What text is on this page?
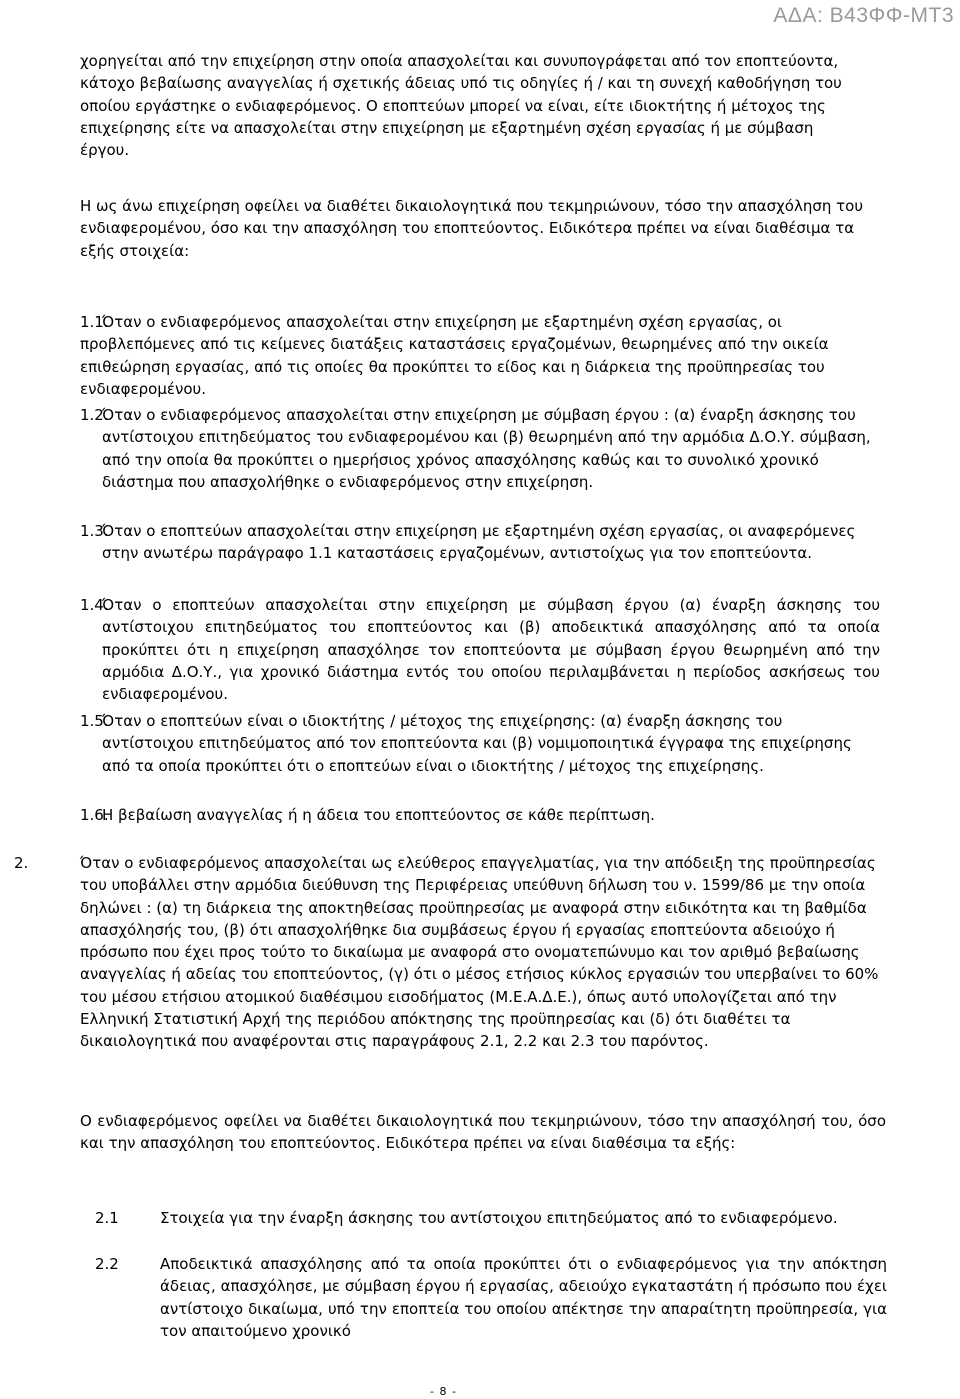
ΑΔΑ: Β43ΦΦ-ΜΤ3

χορηγείται από την επιχείρηση στην οποία απασχολείται και συνυπογράφεται από τον εποπτεύοντα, κάτοχο βεβαίωσης αναγγελίας ή σχετικής άδειας υπό τις οδηγίες ή / και τη συνεχή καθοδήγηση του οποίου εργάστηκε ο ενδιαφερόμενος. Ο εποπτεύων μπορεί να είναι, είτε ιδιοκτήτης ή μέτοχος της επιχείρησης είτε να απασχολείται στην επιχείρηση με εξαρτημένη σχέση εργασίας ή με σύμβαση έργου.

Η ως άνω επιχείρηση οφείλει να διαθέτει δικαιολογητικά που τεκμηριώνουν, τόσο την απασχόληση του ενδιαφερομένου, όσο και την απασχόληση του εποπτεύοντος. Ειδικότερα πρέπει να είναι διαθέσιμα τα εξής στοιχεία:

1.1.
Όταν ο ενδιαφερόμενος απασχολείται στην επιχείρηση με εξαρτημένη σχέση εργασίας, οι προβλεπόμενες από τις κείμενες διατάξεις καταστάσεις εργαζομένων, θεωρημένες από την οικεία επιθεώρηση εργασίας, από τις οποίες θα προκύπτει το είδος και η διάρκεια της προϋπηρεσίας του ενδιαφερομένου.
1.2.
Όταν ο ενδιαφερόμενος απασχολείται στην επιχείρηση με σύμβαση έργου : (α) έναρξη άσκησης του αντίστοιχου επιτηδεύματος του ενδιαφερομένου και (β) θεωρημένη από την αρμόδια Δ.Ο.Υ. σύμβαση, από την οποία θα προκύπτει ο ημερήσιος χρόνος απασχόλησης καθώς και το συνολικό χρονικό διάστημα που απασχολήθηκε ο ενδιαφερόμενος στην επιχείρηση.
1.3.
Όταν ο εποπτεύων απασχολείται στην επιχείρηση με εξαρτημένη σχέση εργασίας, οι αναφερόμενες στην ανωτέρω παράγραφο 1.1 καταστάσεις εργαζομένων, αντιστοίχως για τον εποπτεύοντα.
1.4.
Όταν ο εποπτεύων απασχολείται στην επιχείρηση με σύμβαση έργου (α) έναρξη άσκησης του αντίστοιχου επιτηδεύματος του εποπτεύοντος και (β) αποδεικτικά απασχόλησης από τα οποία προκύπτει ότι η επιχείρηση απασχόλησε τον εποπτεύοντα με σύμβαση έργου θεωρημένη από την αρμόδια Δ.Ο.Υ., για χρονικό διάστημα εντός του οποίου περιλαμβάνεται η περίοδος ασκήσεως του ενδιαφερομένου.
1.5.
Όταν ο εποπτεύων είναι ο ιδιοκτήτης / μέτοχος της επιχείρησης: (α) έναρξη άσκησης του αντίστοιχου επιτηδεύματος από τον εποπτεύοντα και (β) νομιμοποιητικά έγγραφα της επιχείρησης από τα οποία προκύπτει ότι ο εποπτεύων είναι ο ιδιοκτήτης / μέτοχος της επιχείρησης.
1.6.
Η βεβαίωση αναγγελίας ή η άδεια του εποπτεύοντος σε κάθε περίπτωση.
2.	Όταν ο ενδιαφερόμενος απασχολείται ως ελεύθερος επαγγελματίας, για την απόδειξη της προϋπηρεσίας του υποβάλλει στην αρμόδια διεύθυνση της Περιφέρειας υπεύθυνη δήλωση του ν. 1599/86 με την οποία δηλώνει : (α) τη διάρκεια της αποκτηθείσας προϋπηρεσίας με αναφορά στην ειδικότητα και τη βαθμίδα απασχόλησής του, (β) ότι απασχολήθηκε δια συμβάσεως έργου ή εργασίας εποπτεύοντα αδειούχο ή πρόσωπο που έχει προς τούτο το δικαίωμα με αναφορά στο ονοματεπώνυμο και τον αριθμό βεβαίωσης αναγγελίας ή αδείας του εποπτεύοντος, (γ) ότι ο μέσος ετήσιος κύκλος εργασιών του υπερβαίνει το 60% του μέσου ετήσιου ατομικού διαθέσιμου εισοδήματος (Μ.Ε.Α.Δ.Ε.), όπως αυτό υπολογίζεται από την Ελληνική Στατιστική Αρχή της περιόδου απόκτησης της προϋπηρεσίας και (δ) ότι διαθέτει τα δικαιολογητικά που αναφέρονται στις παραγράφους 2.1, 2.2 και 2.3 του παρόντος.

Ο ενδιαφερόμενος οφείλει να διαθέτει δικαιολογητικά που τεκμηριώνουν, τόσο την απασχόλησή του, όσο και την απασχόληση του εποπτεύοντος. Ειδικότερα πρέπει να είναι διαθέσιμα τα εξής:

2.1	Στοιχεία για την έναρξη άσκησης του αντίστοιχου επιτηδεύματος από το ενδιαφερόμενο.
2.2	Αποδεικτικά απασχόλησης από τα οποία προκύπτει ότι ο ενδιαφερόμενος για την απόκτηση άδειας, απασχόλησε, με σύμβαση έργου ή εργασίας, αδειούχο εγκαταστάτη ή πρόσωπο που έχει αντίστοιχο δικαίωμα, υπό την εποπτεία του οποίου απέκτησε την απαραίτητη προϋπηρεσία, για τον απαιτούμενο χρονικό
- 8 -
